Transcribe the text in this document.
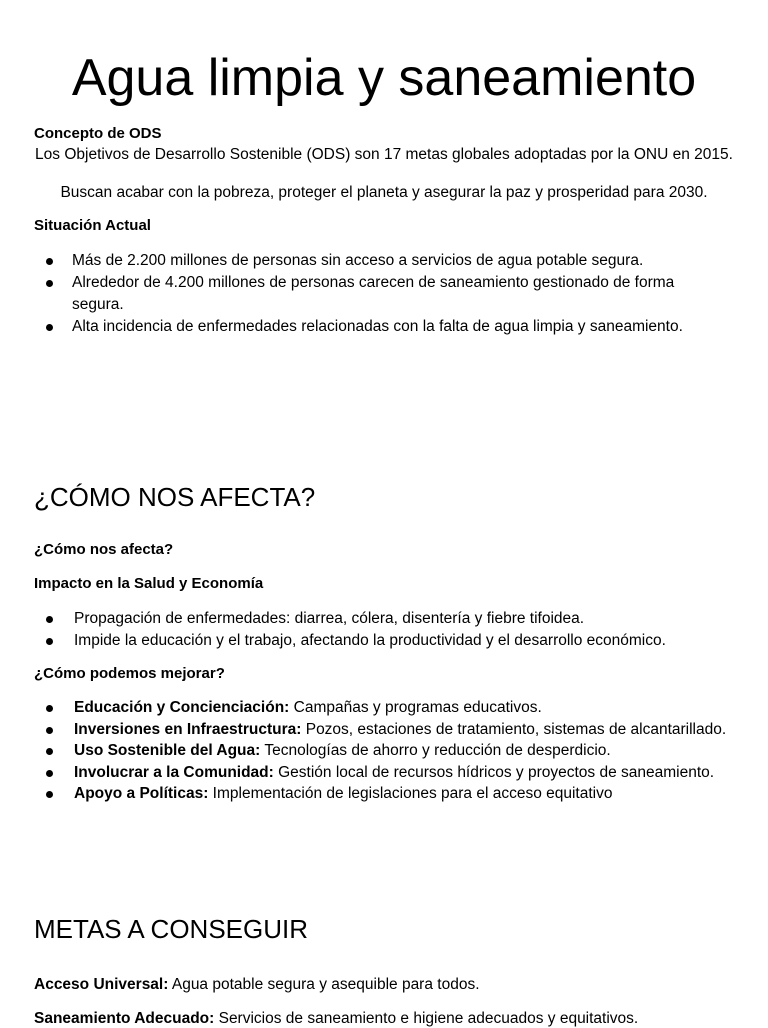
Agua limpia y saneamiento

Concepto de ODS

Los Objetivos de Desarrollo Sostenible (ODS) son 17 metas globales adoptadas por la ONU en 2015.

Buscan acabar con la pobreza, proteger el planeta y asegurar la paz y prosperidad para 2030.

Situación Actual

Más de 2.200 millones de personas sin acceso a servicios de agua potable segura.
Alrededor de 4.200 millones de personas carecen de saneamiento gestionado de forma segura.
Alta incidencia de enfermedades relacionadas con la falta de agua limpia y saneamiento.
¿CÓMO NOS AFECTA?

¿Cómo nos afecta?

Impacto en la Salud y Economía

Propagación de enfermedades: diarrea, cólera, disentería y fiebre tifoidea.
Impide la educación y el trabajo, afectando la productividad y el desarrollo económico.

¿Cómo podemos mejorar?

Educación y Concienciación: Campañas y programas educativos.
Inversiones en Infraestructura: Pozos, estaciones de tratamiento, sistemas de alcantarillado.
Uso Sostenible del Agua: Tecnologías de ahorro y reducción de desperdicio.
Involucrar a la Comunidad: Gestión local de recursos hídricos y proyectos de saneamiento.
Apoyo a Políticas: Implementación de legislaciones para el acceso equitativo
METAS A CONSEGUIR

Acceso Universal: Agua potable segura y asequible para todos.

Saneamiento Adecuado: Servicios de saneamiento e higiene adecuados y equitativos.
